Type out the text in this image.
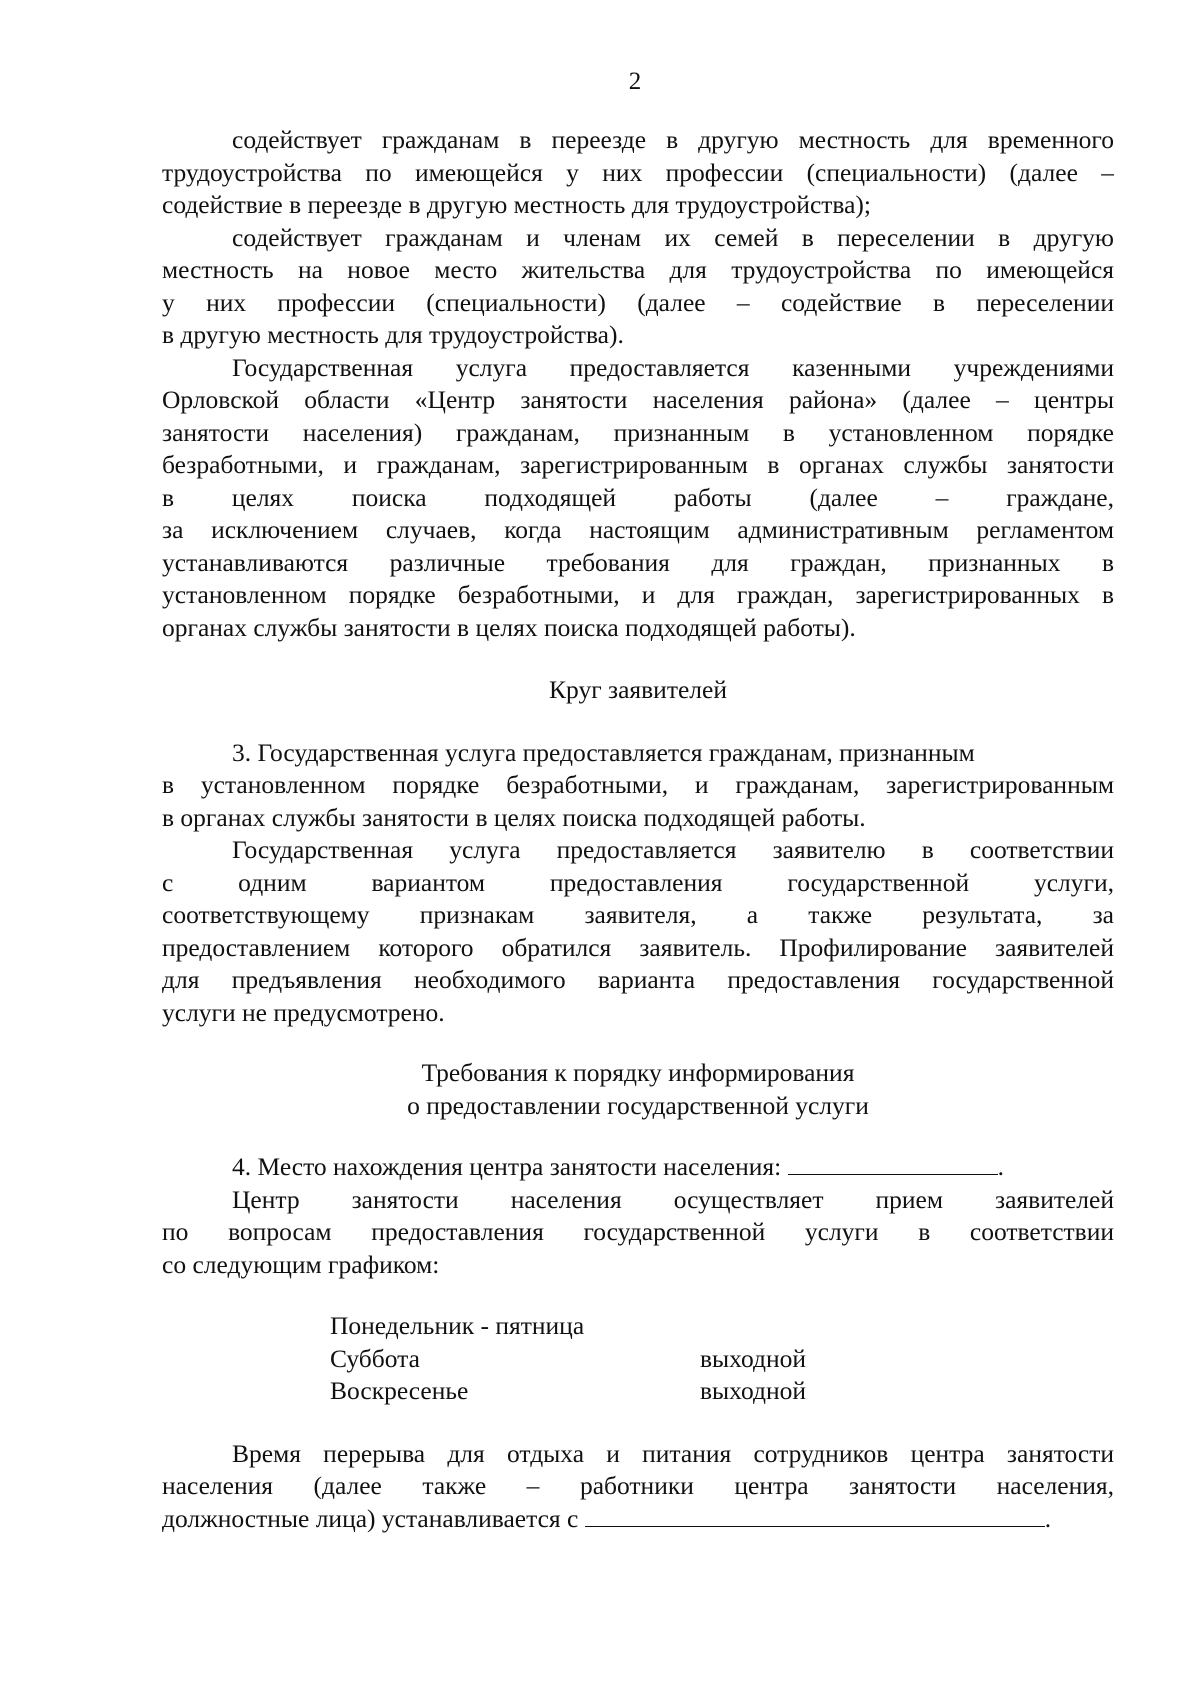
2
содействует гражданам в переезде в другую местность для временного
трудоустройства по имеющейся у них профессии (специальности) (далее –
содействие в переезде в другую местность для трудоустройства);
содействует гражданам и членам их семей в переселении в другую
местность на новое место жительства для трудоустройства по имеющейся
у них профессии (специальности) (далее – содействие в переселении
в другую местность для трудоустройства).
Государственная услуга предоставляется казенными учреждениями
Орловской области «Центр занятости населения района» (далее – центры
занятости населения) гражданам, признанным в установленном порядке
безработными, и гражданам, зарегистрированным в органах службы занятости
в целях поиска подходящей работы (далее – граждане,
за исключением случаев, когда настоящим административным регламентом
устанавливаются различные требования для граждан, признанных в
установленном порядке безработными, и для граждан, зарегистрированных в
органах службы занятости в целях поиска подходящей работы).
Круг заявителей
3. Государственная услуга предоставляется гражданам, признанным
в установленном порядке безработными, и гражданам, зарегистрированным
в органах службы занятости в целях поиска подходящей работы.
Государственная услуга предоставляется заявителю в соответствии
с одним вариантом предоставления государственной услуги,
соответствующему признакам заявителя, а также результата, за
предоставлением которого обратился заявитель. Профилирование заявителей
для предъявления необходимого варианта предоставления государственной
услуги не предусмотрено.
Требования к порядку информирования
о предоставлении государственной услуги
4. Место нахождения центра занятости населения:	.
Центр занятости населения осуществляет прием заявителей
по вопросам предоставления государственной услуги в соответствии
со следующим графиком:
Понедельник - пятница
Суббота	выходной
Воскресенье	выходной
Время перерыва для отдыха и питания сотрудников центра занятости
населения (далее также – работники центра занятости населения,
должностные лица) устанавливается с	.
